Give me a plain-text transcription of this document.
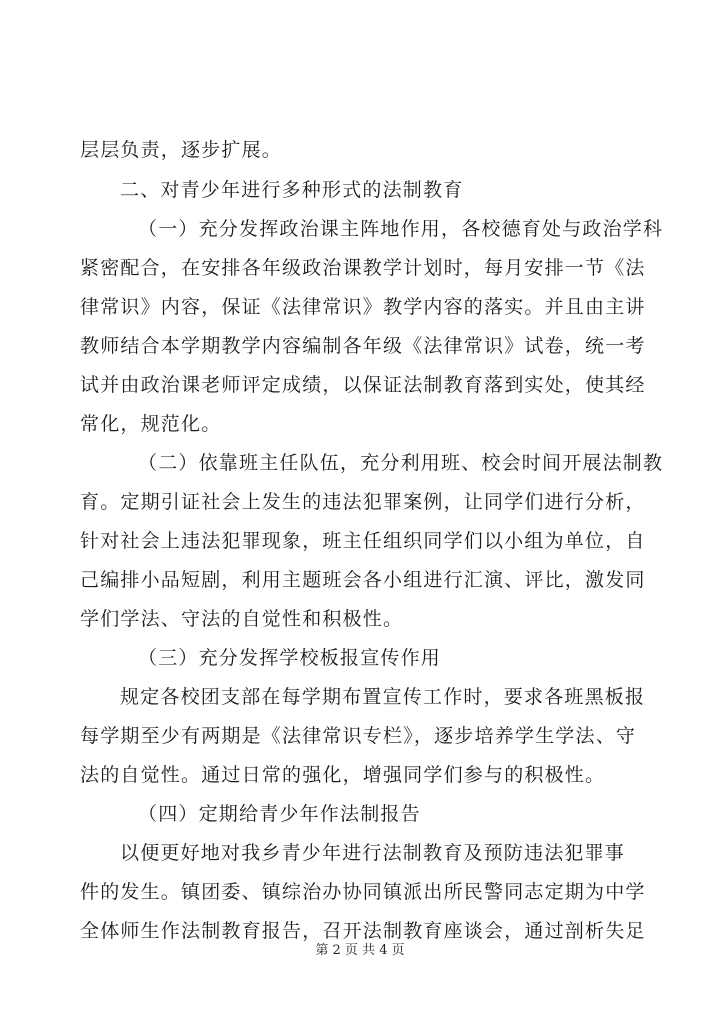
层层负责，逐步扩展。
二、对青少年进行多种形式的法制教育
（一）充分发挥政治课主阵地作用，各校德育处与政治学科
紧密配合，在安排各年级政治课教学计划时，每月安排一节《法
律常识》内容，保证《法律常识》教学内容的落实。并且由主讲
教师结合本学期教学内容编制各年级《法律常识》试卷，统一考
试并由政治课老师评定成绩，以保证法制教育落到实处，使其经
常化，规范化。
（二）依靠班主任队伍，充分利用班、校会时间开展法制教
育。定期引证社会上发生的违法犯罪案例，让同学们进行分析，
针对社会上违法犯罪现象，班主任组织同学们以小组为单位，自
己编排小品短剧，利用主题班会各小组进行汇演、评比，激发同
学们学法、守法的自觉性和积极性。
（三）充分发挥学校板报宣传作用
规定各校团支部在每学期布置宣传工作时，要求各班黑板报
每学期至少有两期是《法律常识专栏》，逐步培养学生学法、守
法的自觉性。通过日常的强化，增强同学们参与的积极性。
（四）定期给青少年作法制报告
以便更好地对我乡青少年进行法制教育及预防违法犯罪事
件的发生。镇团委、镇综治办协同镇派出所民警同志定期为中学
全体师生作法制教育报告，召开法制教育座谈会，通过剖析失足
第 2 页 共 4 页
